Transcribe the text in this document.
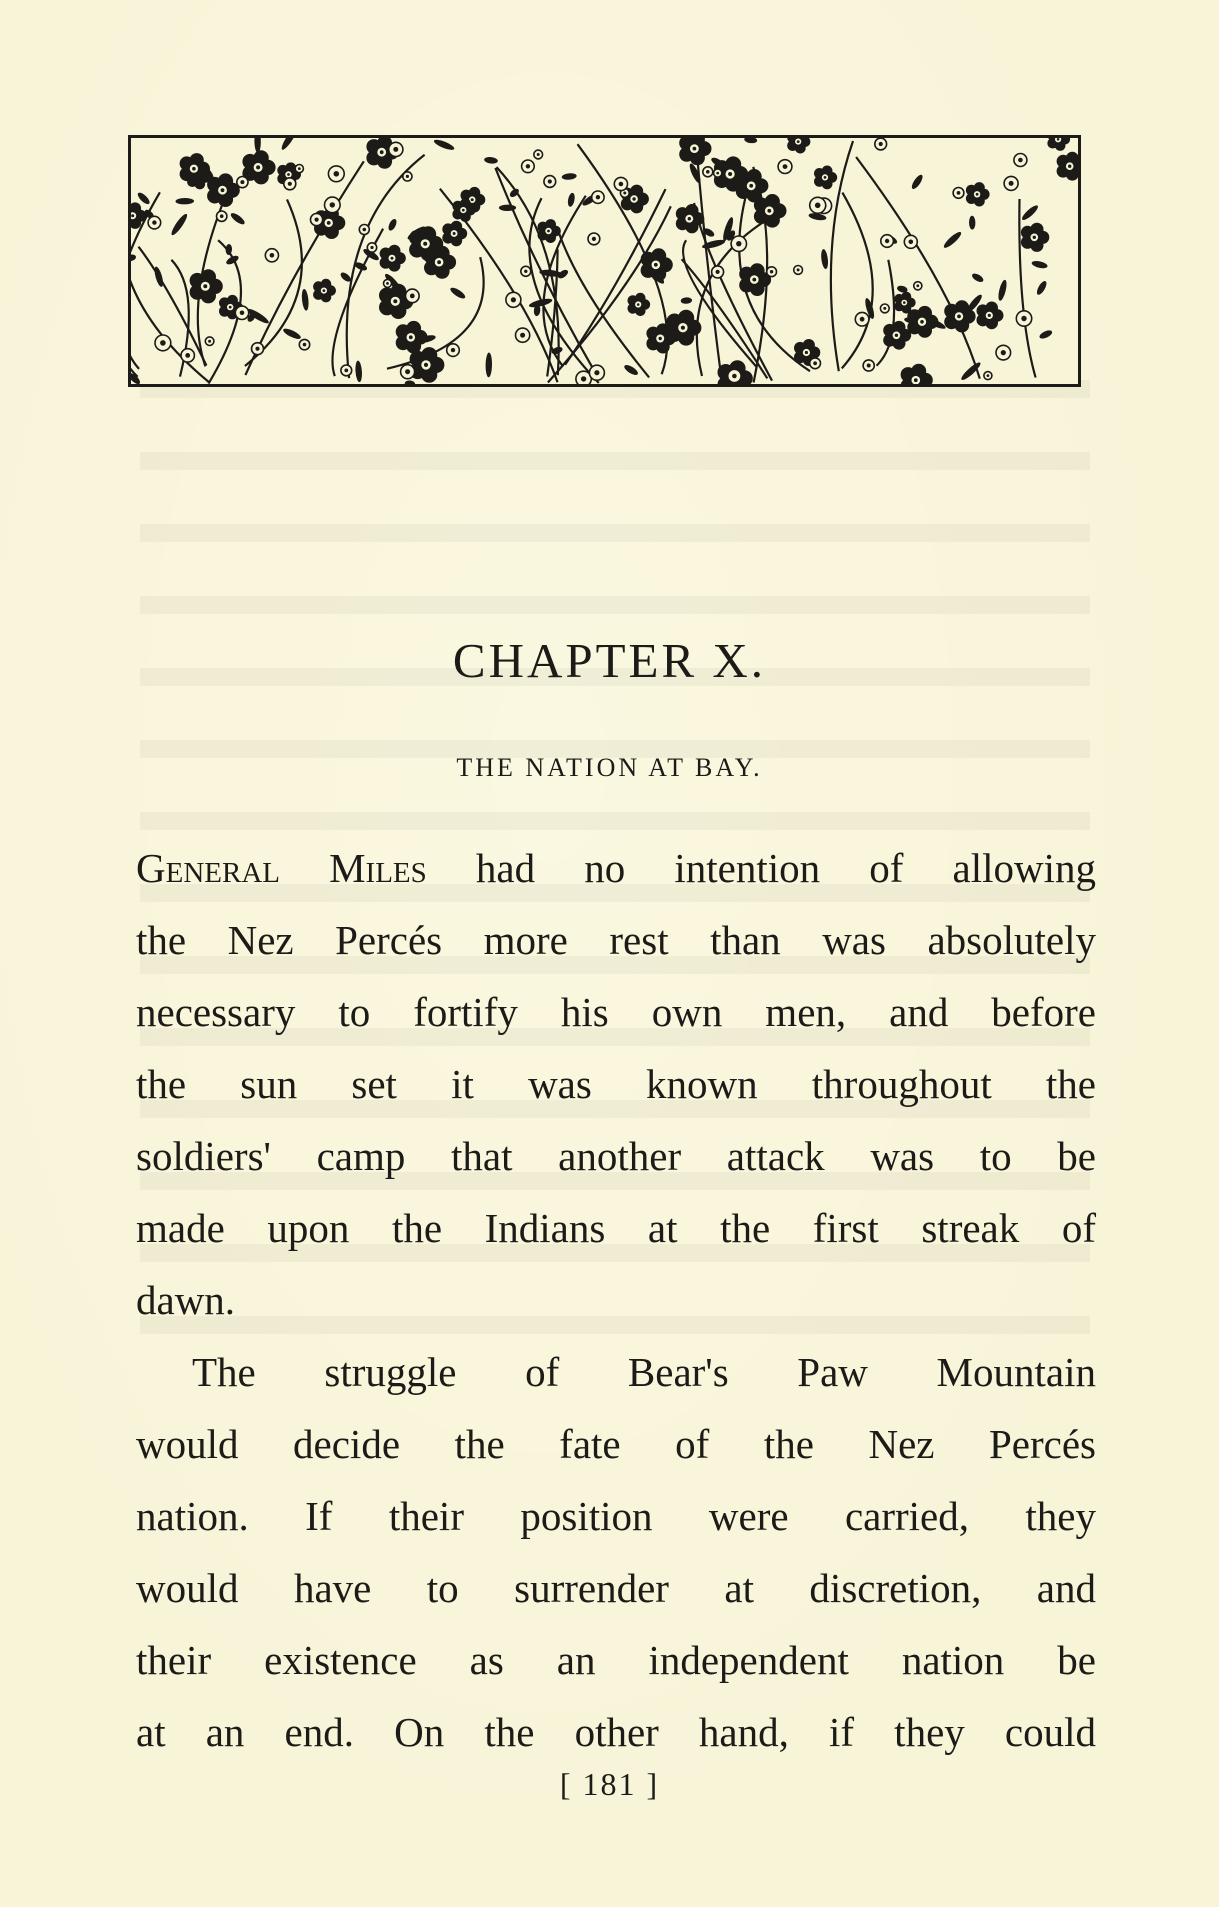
CHAPTER X.
THE NATION AT BAY.
General Miles had no intention of allowing
the Nez Percés more rest than was absolutely
necessary to fortify his own men, and before
the sun set it was known throughout the
soldiers' camp that another attack was to be
made upon the Indians at the first streak of
dawn.
The struggle of Bear's Paw Mountain
would decide the fate of the Nez Percés
nation. If their position were carried, they
would have to surrender at discretion, and
their existence as an independent nation be
at an end. On the other hand, if they could
[ 181 ]
